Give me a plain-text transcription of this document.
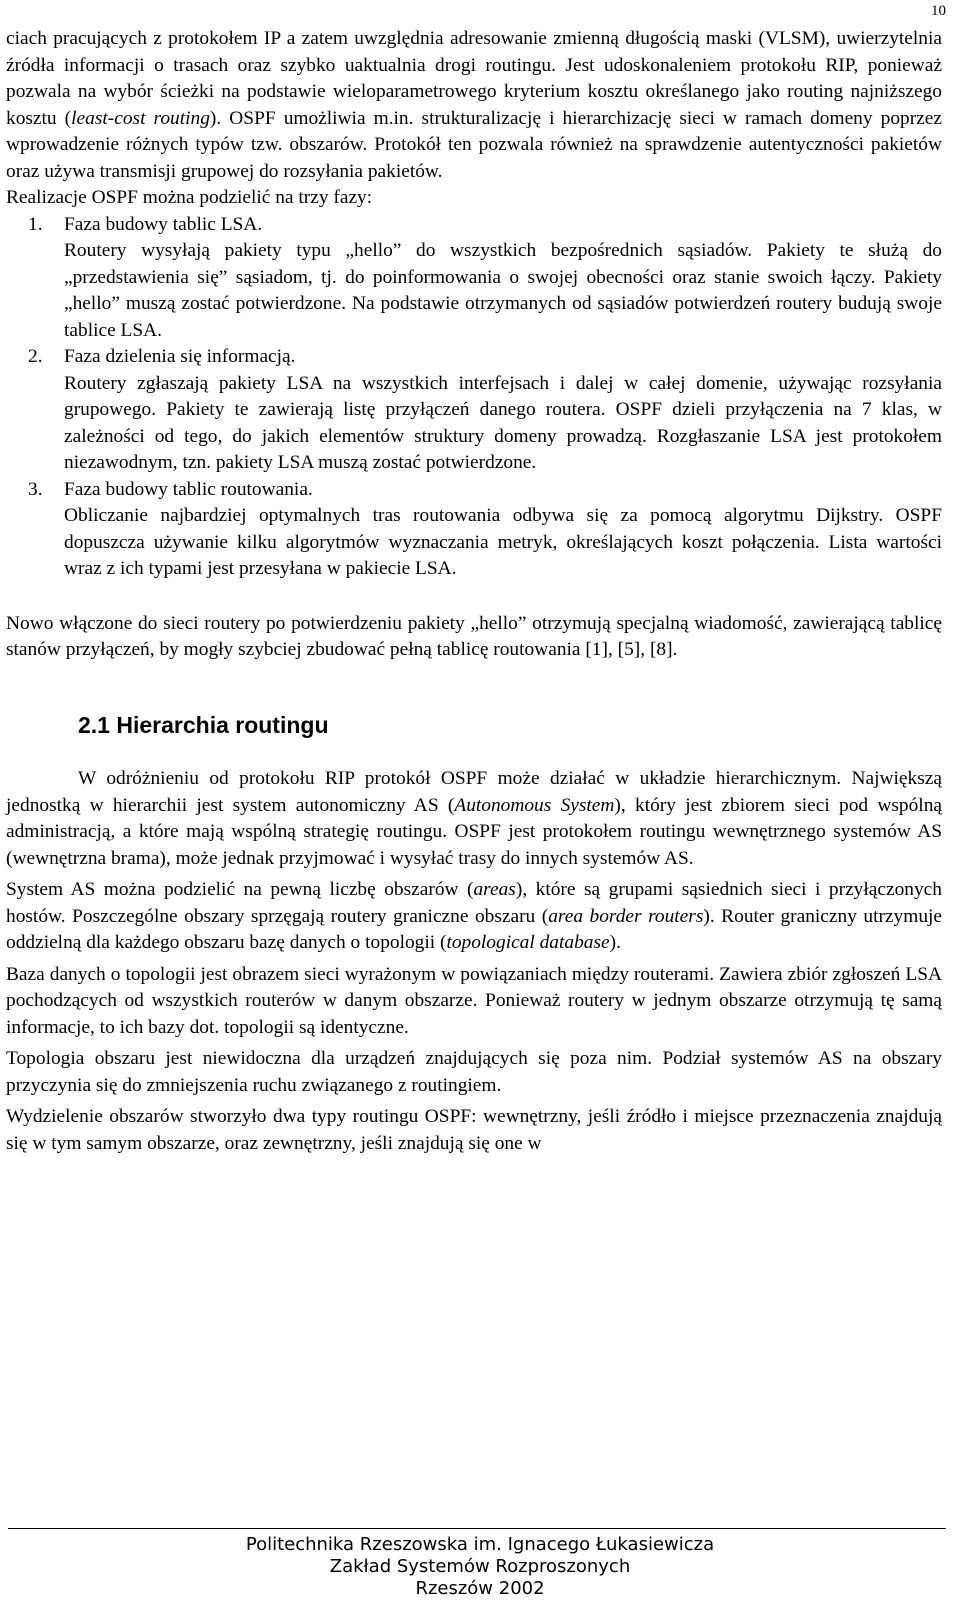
10

ciach pracujących z protokołem IP a zatem uwzględnia adresowanie zmienną długością maski (VLSM), uwierzytelnia źródła informacji o trasach oraz szybko uaktualnia drogi routingu. Jest udoskonaleniem protokołu RIP, ponieważ pozwala na wybór ścieżki na podstawie wieloparametrowego kryterium kosztu określanego jako routing najniższego kosztu (least-cost routing). OSPF umożliwia m.in. strukturalizację i hierarchizację sieci w ramach domeny poprzez wprowadzenie różnych typów tzw. obszarów. Protokół ten pozwala również na sprawdzenie autentyczności pakietów oraz używa transmisji grupowej do rozsyłania pakietów.

Realizacje OSPF można podzielić na trzy fazy:

1.	Faza budowy tablic LSA.

Routery wysyłają pakiety typu „hello” do wszystkich bezpośrednich sąsiadów. Pakiety te służą do „przedstawienia się” sąsiadom, tj. do poinformowania o swojej obecności oraz stanie swoich łączy. Pakiety „hello” muszą zostać potwierdzone. Na podstawie otrzymanych od sąsiadów potwierdzeń routery budują swoje tablice LSA.

2.	Faza dzielenia się informacją.

Routery zgłaszają pakiety LSA na wszystkich interfejsach i dalej w całej domenie, używając rozsyłania grupowego. Pakiety te zawierają listę przyłączeń danego routera. OSPF dzieli przyłączenia na 7 klas, w zależności od tego, do jakich elementów struktury domeny prowadzą. Rozgłaszanie LSA jest protokołem niezawodnym, tzn. pakiety LSA muszą zostać potwierdzone.

3.	Faza budowy tablic routowania.

Obliczanie najbardziej optymalnych tras routowania odbywa się za pomocą algorytmu Dijkstry. OSPF dopuszcza używanie kilku algorytmów wyznaczania metryk, określających koszt połączenia. Lista wartości wraz z ich typami jest przesyłana w pakiecie LSA.

Nowo włączone do sieci routery po potwierdzeniu pakiety „hello” otrzymują specjalną wiadomość, zawierającą tablicę stanów przyłączeń, by mogły szybciej zbudować pełną tablicę routowania [1], [5], [8].

2.1 Hierarchia routingu

W odróżnieniu od protokołu RIP protokół OSPF może działać w układzie hierarchicznym. Największą jednostką w hierarchii jest system autonomiczny AS (Autonomous System), który jest zbiorem sieci pod wspólną administracją, a które mają wspólną strategię routingu. OSPF jest protokołem routingu wewnętrznego systemów AS (wewnętrzna brama), może jednak przyjmować i wysyłać trasy do innych systemów AS.

System AS można podzielić na pewną liczbę obszarów (areas), które są grupami sąsiednich sieci i przyłączonych hostów. Poszczególne obszary sprzęgają routery graniczne obszaru (area border routers). Router graniczny utrzymuje oddzielną dla każdego obszaru bazę danych o topologii (topological database).

Baza danych o topologii jest obrazem sieci wyrażonym w powiązaniach między routerami. Zawiera zbiór zgłoszeń LSA pochodzących od wszystkich routerów w danym obszarze. Ponieważ routery w jednym obszarze otrzymują tę samą informacje, to ich bazy dot. topologii są identyczne.

Topologia obszaru jest niewidoczna dla urządzeń znajdujących się poza nim. Podział systemów AS na obszary przyczynia się do zmniejszenia ruchu związanego z routingiem.

Wydzielenie obszarów stworzyło dwa typy routingu OSPF: wewnętrzny, jeśli źródło i miejsce przeznaczenia znajdują się w tym samym obszarze, oraz zewnętrzny, jeśli znajdują się one w

Politechnika Rzeszowska im. Ignacego Łukasiewicza
Zakład Systemów Rozproszonych
Rzeszów 2002
